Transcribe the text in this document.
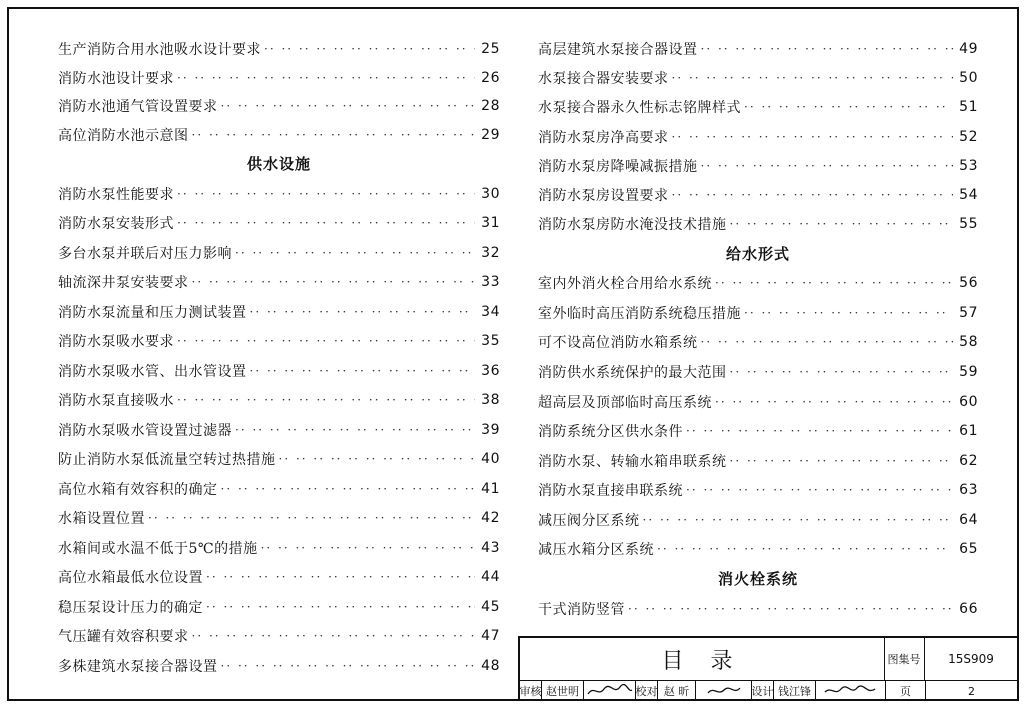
生产消防合用水池吸水设计要求 ·· ··	25
消防水池设计要求 ·· ··	26
消防水池通气管设置要求 ·· ··	28
高位消防水池示意图 ·· ··	29
供水设施
消防水泵性能要求 ·· ··	30
消防水泵安装形式 ·· ··	31
多台水泵并联后对压力影响 ·· ··	32
轴流深井泵安装要求 ·· ··	33
消防水泵流量和压力测试装置 ·· ··	34
消防水泵吸水要求 ·· ··	35
消防水泵吸水管、出水管设置 ·· ··	36
消防水泵直接吸水 ·· ··	38
消防水泵吸水管设置过滤器 ·· ··	39
防止消防水泵低流量空转过热措施 ·· ··	40
高位水箱有效容积的确定 ·· ··	41
水箱设置位置 ·· ··	42
水箱间或水温不低于5℃的措施 ·· ··	43
高位水箱最低水位设置 ·· ··	44
稳压泵设计压力的确定 ·· ··	45
气压罐有效容积要求 ·· ··	47
多株建筑水泵接合器设置 ·· ··	48
高层建筑水泵接合器设置 ·· ··	49
水泵接合器安装要求 ·· ··	50
水泵接合器永久性标志铭牌样式 ·· ··	51
消防水泵房净高要求 ·· ··	52
消防水泵房降噪减振措施 ·· ··	53
消防水泵房设置要求 ·· ··	54
消防水泵房防水淹没技术措施 ·· ··	55
给水形式
室内外消火栓合用给水系统 ·· ··	56
室外临时高压消防系统稳压措施 ·· ··	57
可不设高位消防水箱系统 ·· ··	58
消防供水系统保护的最大范围 ·· ··	59
超高层及顶部临时高压系统 ·· ··	60
消防系统分区供水条件 ·· ··	61
消防水泵、转输水箱串联系统 ·· ··	62
消防水泵直接串联系统 ·· ··	63
减压阀分区系统 ·· ··	64
减压水箱分区系统 ·· ··	65
消火栓系统
干式消防竖管 ·· ··	66
目 录	图集号	15S909
审核 赵世明	校对 赵 昕	设计 钱江锋	页	2
